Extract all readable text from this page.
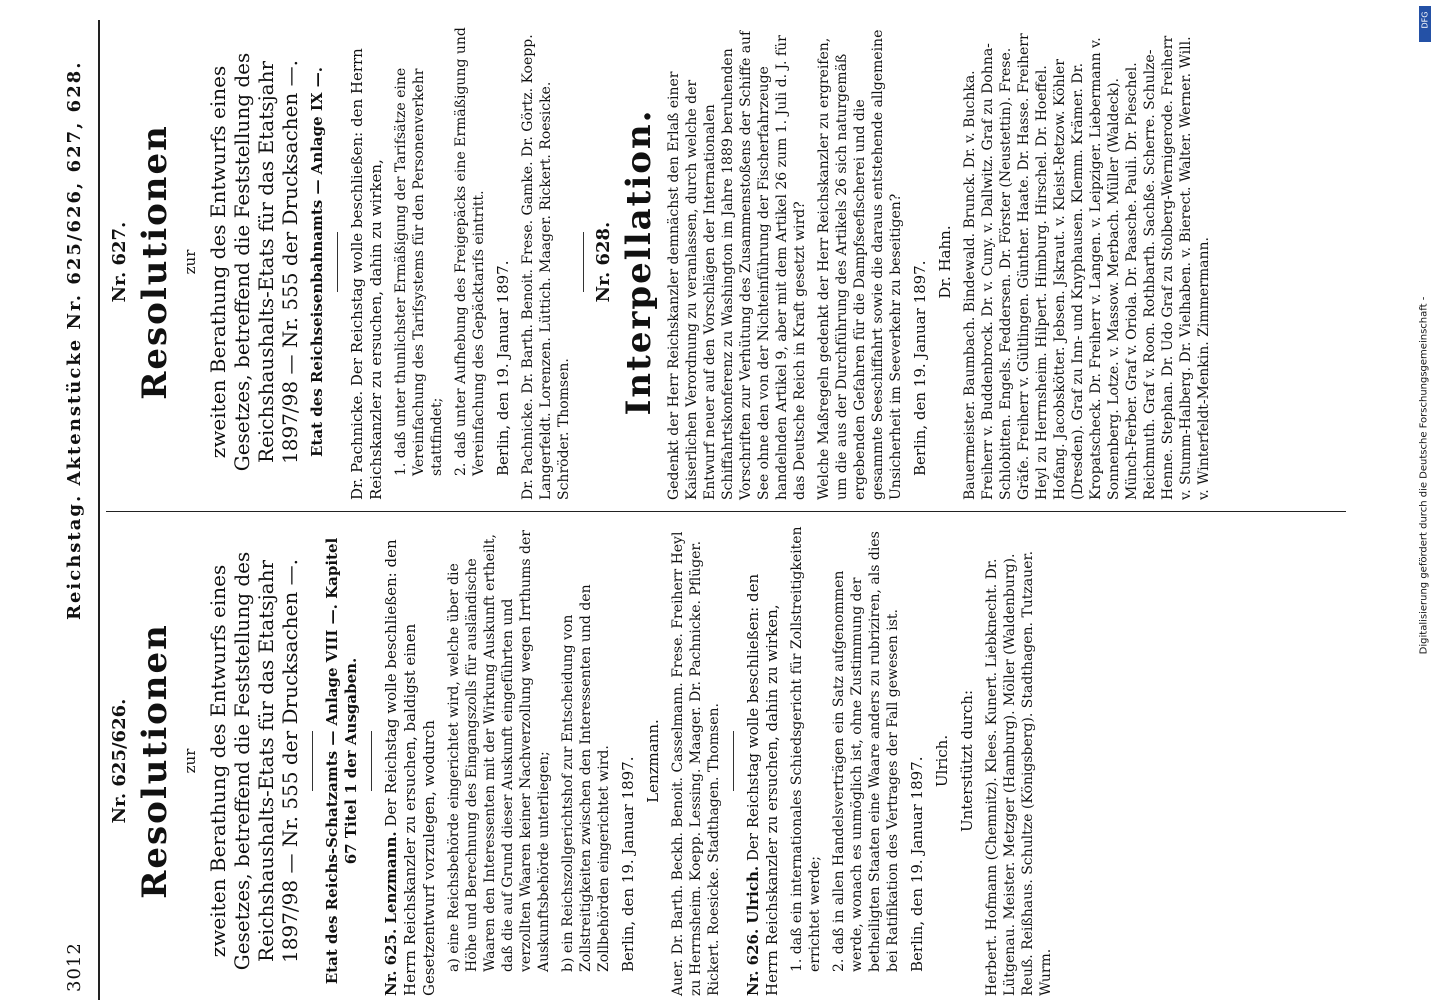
3012
Reichstag. Aktenstücke Nr. 625/626, 627, 628.

Nr. 625/626. Resolutionen zur zweiten Berathung des Entwurfs eines Gesetzes, betreffend die Feststellung des Reichshaushalts-Etats für das Etatsjahr 1897/98 — Nr. 555 der Drucksachen —. Etat des Reichs-Schatzamts — Anlage VIII —. Kapitel 67 Titel 1 der Ausgaben.

Nr. 625. Lenzmann. Der Reichstag wolle beschließen: den Herrn Reichskanzler zu ersuchen, baldigst einen Gesetzentwurf vorzulegen, wodurch a) eine Reichsbehörde eingerichtet wird, welche über die Höhe und Berechnung des Eingangszolls für ausländische Waaren den Interessenten mit der Wirkung Auskunft ertheilt, daß die auf Grund dieser Auskunft eingeführten und verzollten Waaren keiner Nachverzollung wegen Irrthums der Auskunftsbehörde unterliegen; b) ein Reichszollgerichtshof zur Entscheidung von Zollstreitigkeiten zwischen den Interessenten und den Zollbehörden eingerichtet wird. Berlin, den 19. Januar 1897. Lenzmann. Auer. Dr. Barth. Beckh. Benoit. Casselmann. Frese. Freiherr Heyl zu Herrnsheim. Koepp. Lessing. Maager. Dr. Pachnicke. Pflüger. Rickert. Roesicke. Stadthagen. Thomsen. Nr. 626. Ulrich. Der Reichstag wolle beschließen: den Herrn Reichskanzler zu ersuchen, dahin zu wirken, 1. daß ein internationales Schiedsgericht für Zollstreitigkeiten errichtet werde; 2. daß in allen Handelsverträgen ein Satz aufgenommen werde, wonach es unmöglich ist, ohne Zustimmung der betheiligten Staaten eine Waare anders zu rubriziren, als dies bei Ratifikation des Vertrages der Fall gewesen ist. Berlin, den 19. Januar 1897. Ulrich. Unterstützt durch: Herbert. Hofmann (Chemnitz). Klees. Kunert. Liebknecht. Dr. Lütgenau. Meister. Metzger (Hamburg). Möller (Waldenburg). Reuß. Reißhaus. Schultze (Königsberg). Stadthagen. Tutzauer. Wurm.

Nr. 627. Resolutionen zur zweiten Berathung des Entwurfs eines Gesetzes, betreffend die Feststellung des Reichshaushalts-Etats für das Etatsjahr 1897/98 — Nr. 555 der Drucksachen —. Etat des Reichseisenbahnamts — Anlage IX —. Dr. Pachnicke. Der Reichstag wolle beschließen: den Herrn Reichskanzler zu ersuchen, dahin zu wirken, 1. daß unter thunlichster Ermäßigung der Tarifsätze eine Vereinfachung des Tarifsystems für den Personenverkehr stattfindet; 2. daß unter Aufhebung des Freigepäcks eine Ermäßigung und Vereinfachung des Gepäcktarifs eintritt. Berlin, den 19. Januar 1897. Dr. Pachnicke. Dr. Barth. Benoit. Frese. Gamke. Dr. Görtz. Koepp. Langerfeldt. Lorenzen. Lüttich. Maager. Rickert. Roesicke. Schröder. Thomsen.

Nr. 628. Interpellation. Gedenkt der Herr Reichskanzler demnächst den Erlaß einer Kaiserlichen Verordnung zu veranlassen, durch welche der Entwurf neuer auf den Vorschlägen der Internationalen Schiffahrtskonferenz zu Washington im Jahre 1889 beruhenden Vorschriften zur Verhütung des Zusammenstoßens der Schiffe auf See ohne den von der Nichteinführung der Fischerfahrzeuge handelnden Artikel 9, aber mit dem Artikel 26 zum 1. Juli d. J. für das Deutsche Reich in Kraft gesetzt wird? Welche Maßregeln gedenkt der Herr Reichskanzler zu ergreifen, um die aus der Durchführung des Artikels 26 sich naturgemäß ergebenden Gefahren für die Dampfseefischerei und die gesammte Seeschiffahrt sowie die daraus entstehende allgemeine Unsicherheit im Seeverkehr zu beseitigen? Berlin, den 19. Januar 1897. Dr. Hahn. Bauermeister. Baumbach. Bindewald. Brunck. Dr. v. Buchka. Freiherr v. Buddenbrock. Dr. v. Cuny. v. Dallwitz. Graf zu Dohna-Schlobitten. Engels. Feddersen. Dr. Förster (Neustettin). Frese. Gräfe. Freiherr v. Gültlingen. Günther. Haate. Dr. Hasse. Freiherr Heyl zu Herrnsheim. Hilpert. Himburg. Hirschel. Dr. Hoeffel. Hofang. Jacobskötter. Jebsen. Jskraut. v. Kleist-Retzow. Köhler (Dresden). Graf zu Inn- und Knyphausen. Klemm. Krämer. Dr. Kropatscheck. Dr. Freiherr v. Langen. v. Leipziger. Liebermann v. Sonnenberg. Lotze. v. Massow. Merbach. Müller (Waldeck). Münch-Ferber. Graf v. Oriola. Dr. Paasche. Pauli. Dr. Pieschel. Reichmuth. Graf v. Roon. Rothbarth. Sachße. Scherre. Schulze-Henne. Stephan. Dr. Udo Graf zu Stolberg-Wernigerode. Freiherr v. Stumm-Halberg. Dr. Vielhaben. v. Bierect. Walter. Werner. Will. v. Winterfeldt-Menkin. Zimmermann.	Digitalisierung gefördert durch die Deutsche Forschungsgemeinschaft -
DFG
